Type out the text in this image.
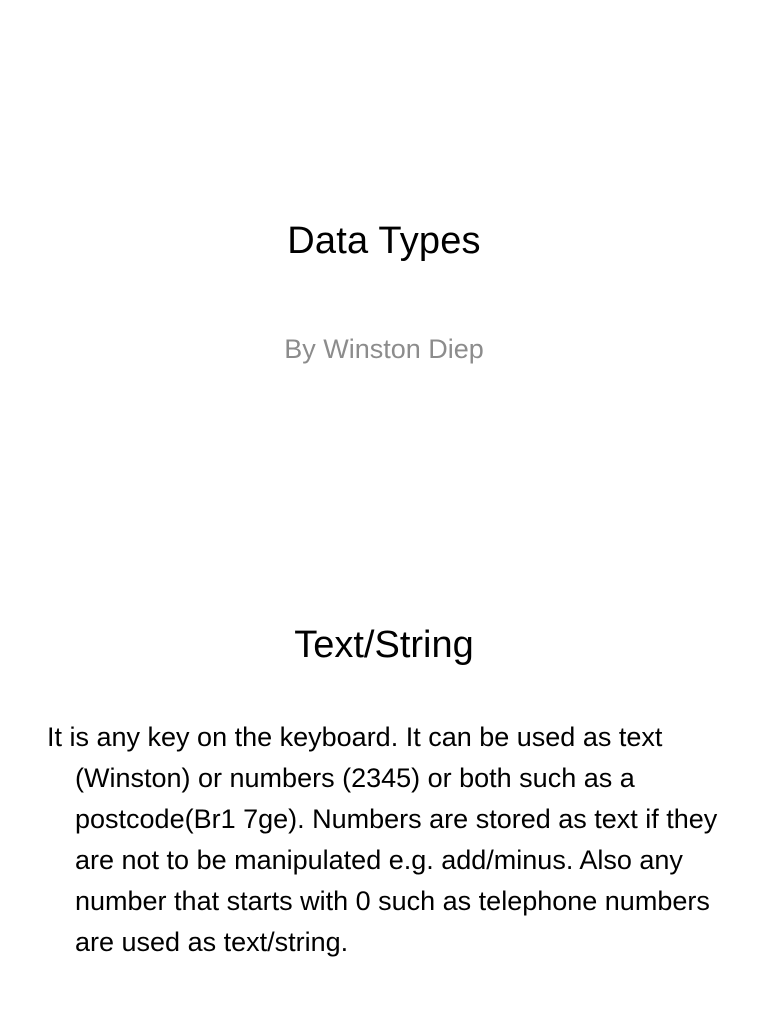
Data Types
By Winston Diep
Text/String
It is any key on the keyboard. It can be used as text (Winston) or numbers (2345) or both such as a postcode(Br1 7ge). Numbers are stored as text if they are not to be manipulated e.g. add/minus. Also any number that starts with 0 such as telephone numbers are used as text/string.
